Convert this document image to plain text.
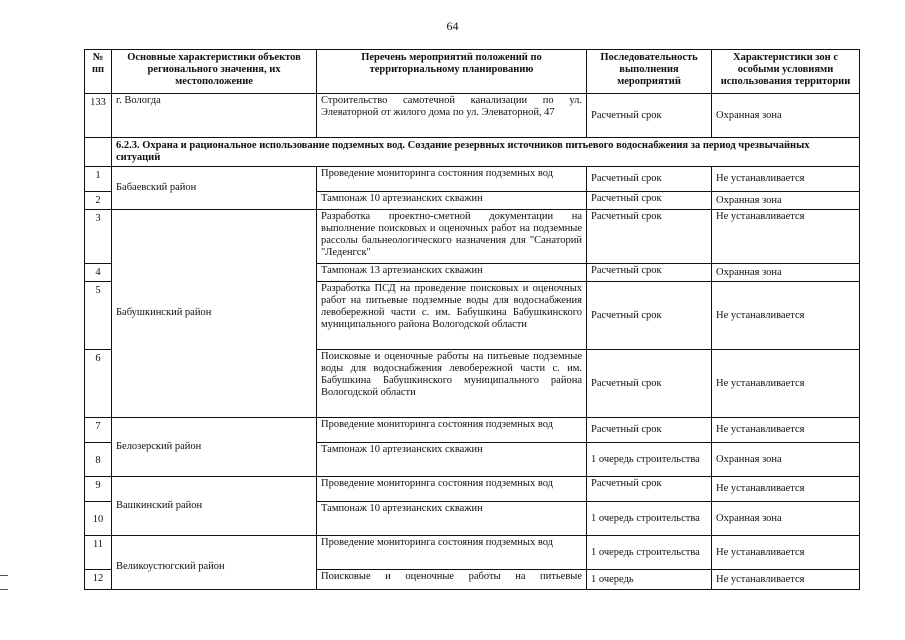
64
№ пп	Основные характеристики объектов регионального значения, их местоположение	Перечень мероприятий положений по территориальному планированию	Последовательность выполнения мероприятий	Характеристики зон с особыми условиями использования территории
133	г. Вологда	Строительство самотечной канализации по ул. Элеваторной от жилого дома по ул. Элеваторной, 47	Расчетный срок	Охранная зона
	6.2.3. Охрана и рациональное использование подземных вод. Создание резервных источников питьевого водоснабжения за период чрезвычайных ситуаций			
1	Бабаевский район	Проведение мониторинга состояния подземных вод	Расчетный срок	Не устанавливается
2		Тампонаж 10 артезианских скважин	Расчетный срок	Охранная зона
3	Бабушкинский район	Разработка проектно-сметной документации на выполнение поисковых и оценочных работ на подземные рассолы бальнеологического назначения для "Санаторий "Леденгск"	Расчетный срок	Не устанавливается
4		Тампонаж 13 артезианских скважин	Расчетный срок	Охранная зона
5		Разработка ПСД на проведение поисковых и оценочных работ на питьевые подземные воды для водоснабжения левобережной части с. им. Бабушкина Бабушкинского муниципального района Вологодской области	Расчетный срок	Не устанавливается
6		Поисковые и оценочные работы на питьевые подземные воды для водоснабжения левобережной части с. им. Бабушкина Бабушкинского муниципального района Вологодской области	Расчетный срок	Не устанавливается
7	Белозерский район	Проведение мониторинга состояния подземных вод	Расчетный срок	Не устанавливается
8		Тампонаж 10 артезианских скважин	1 очередь строительства	Охранная зона
9	Вашкинский район	Проведение мониторинга состояния подземных вод	Расчетный срок	Не устанавливается
10		Тампонаж 10 артезианских скважин	1 очередь строительства	Охранная зона
11	Великоустюгский район	Проведение мониторинга состояния подземных вод	1 очередь строительства	Не устанавливается
12		Поисковые и оценочные работы на питьевые	1 очередь	Не устанавливается
